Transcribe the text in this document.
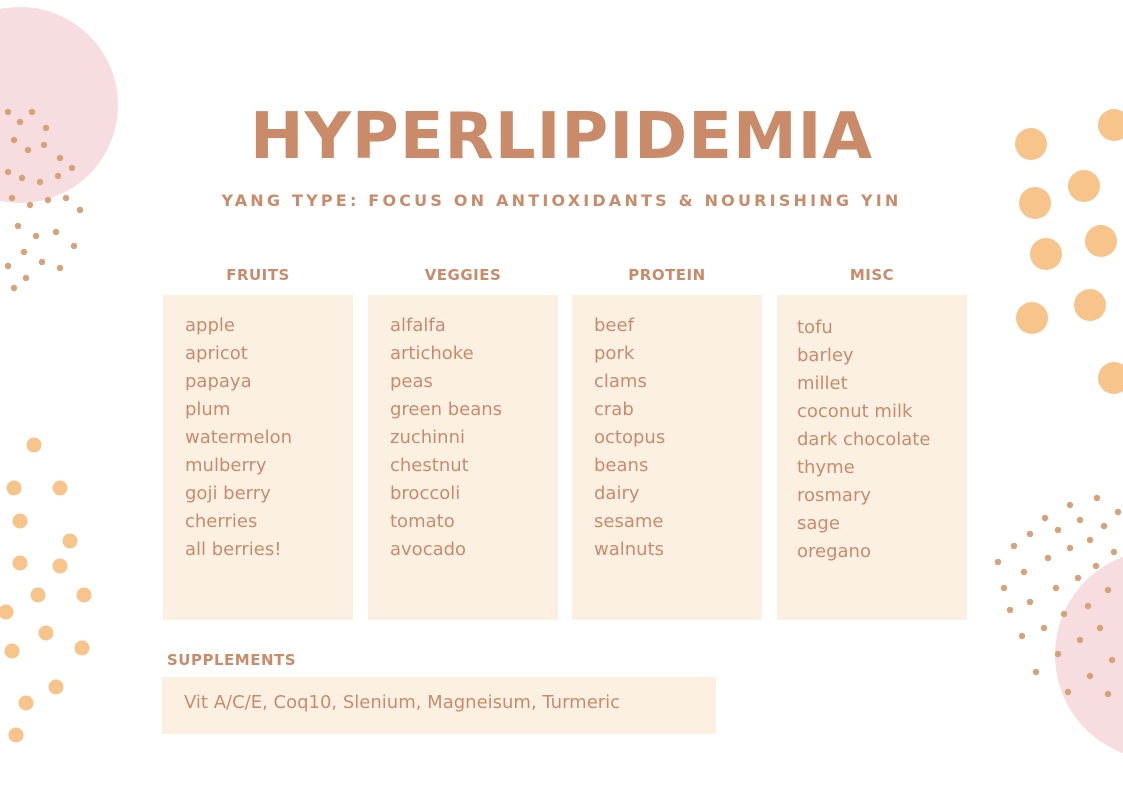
HYPERLIPIDEMIA
YANG TYPE: FOCUS ON ANTIOXIDANTS & NOURISHING YIN
FRUITS
apple
apricot
papaya
plum
watermelon
mulberry
goji berry
cherries
all berries!
VEGGIES
alfalfa
artichoke
peas
green beans
zuchinni
chestnut
broccoli
tomato
avocado
PROTEIN
beef
pork
clams
crab
octopus
beans
dairy
sesame
walnuts
MISC
tofu
barley
millet
coconut milk
dark chocolate
thyme
rosmary
sage
oregano
SUPPLEMENTS
Vit A/C/E, Coq10, Slenium, Magneisum, Turmeric
